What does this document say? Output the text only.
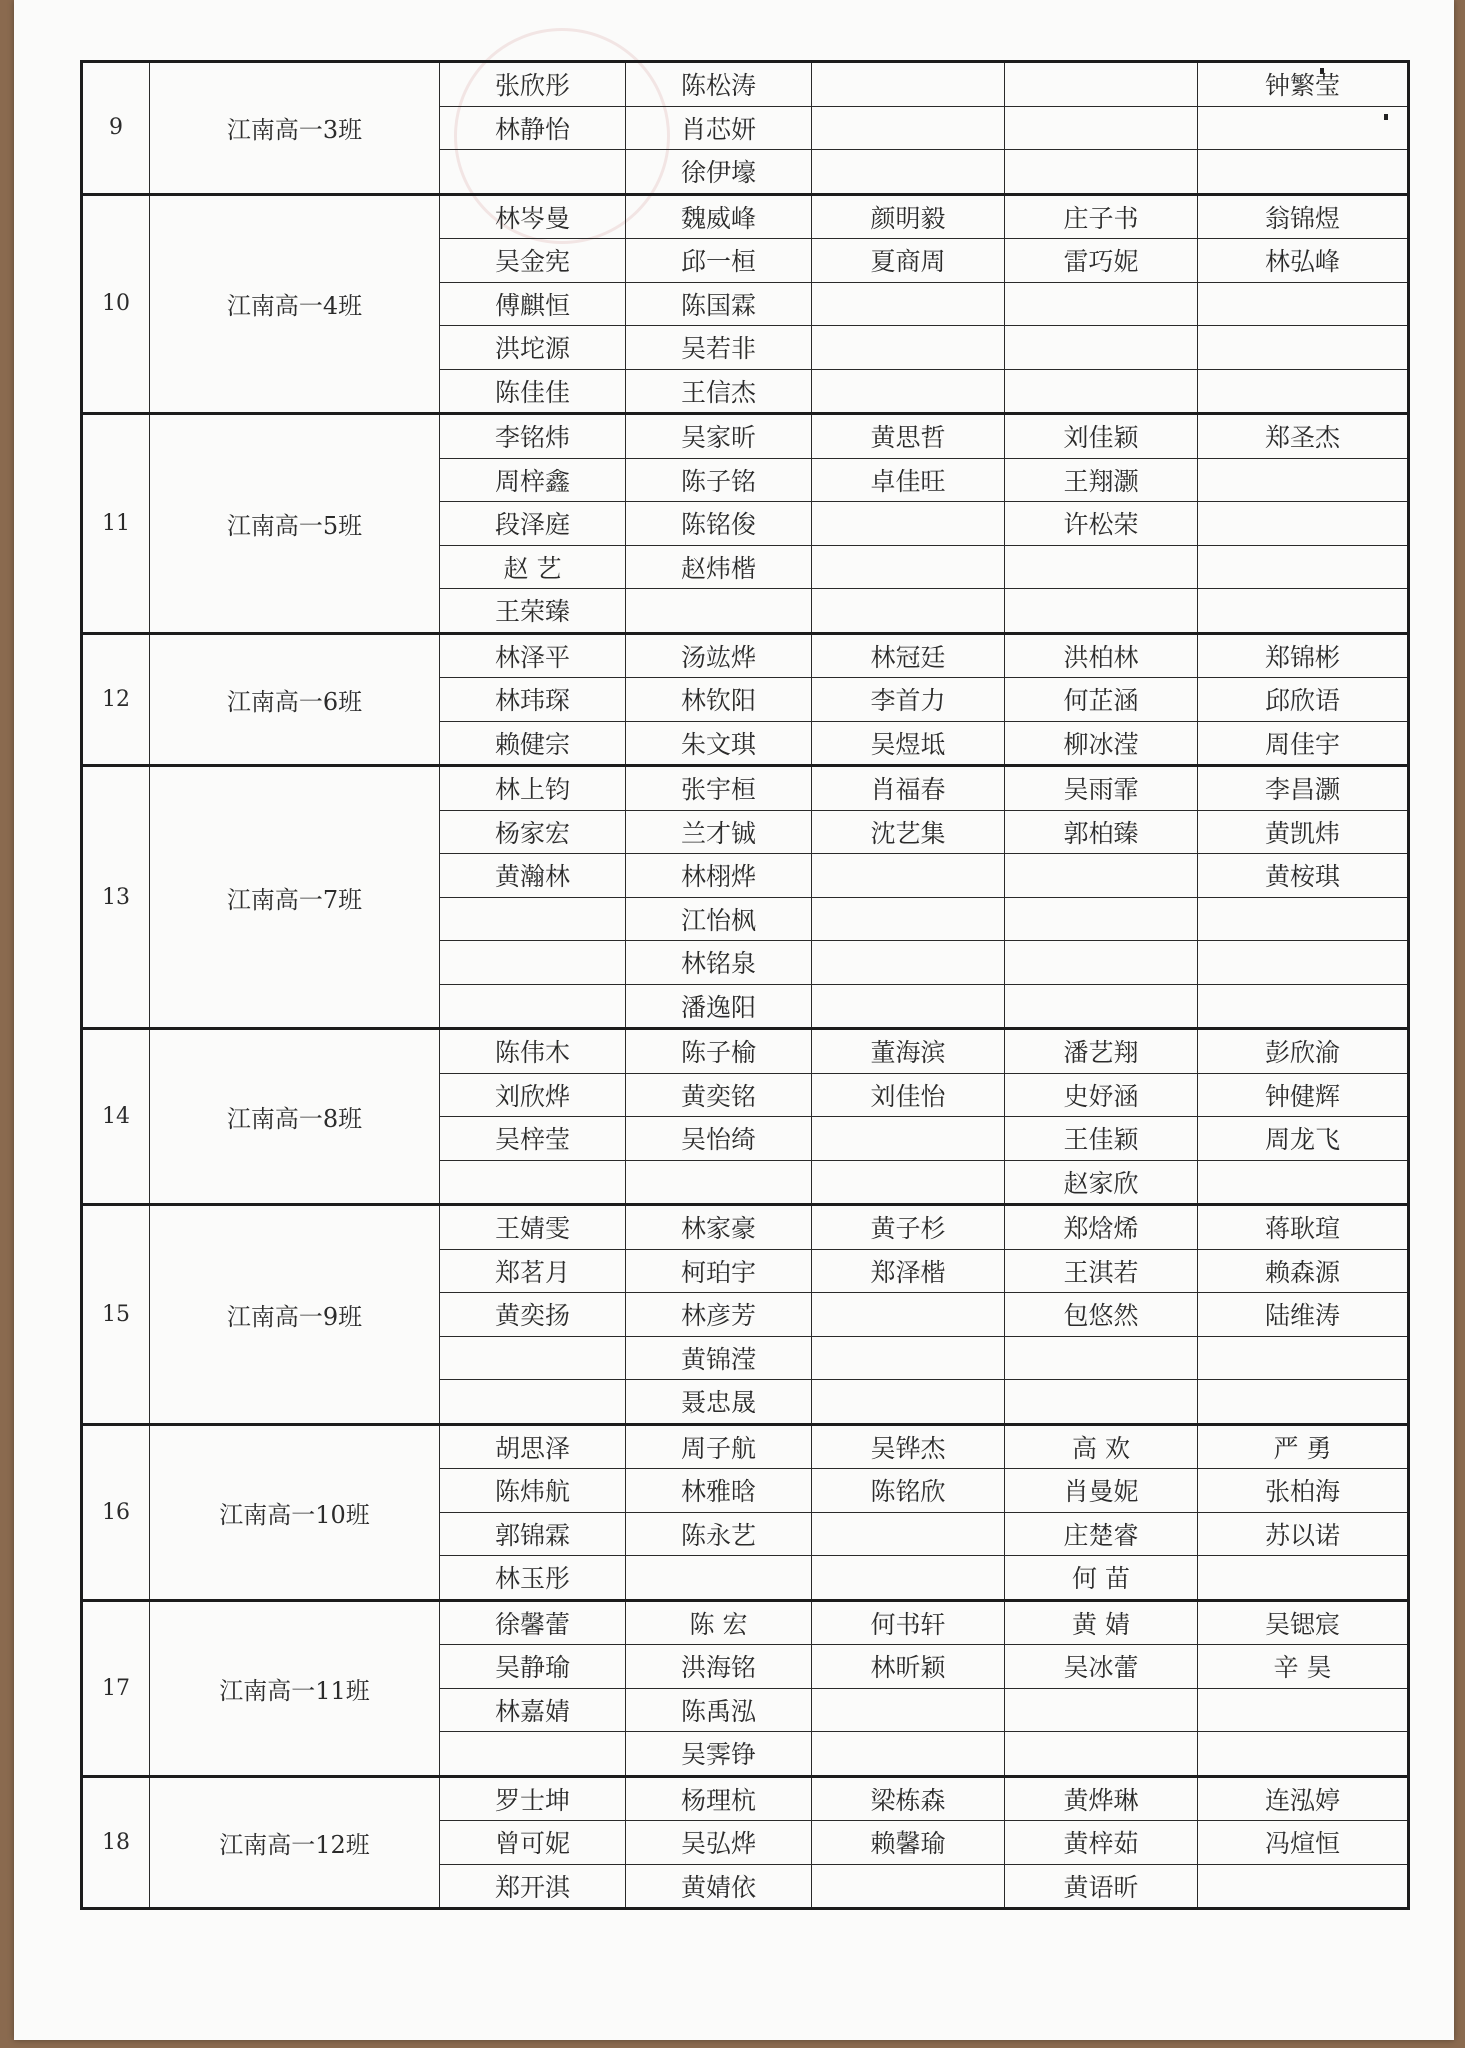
9	江南高一3班	张欣彤	陈松涛			钟繁莹
		林静怡	肖芯妍			
			徐伊壕			
10	江南高一4班	林岑曼	魏威峰	颜明毅	庄子书	翁锦煜
		吴金宪	邱一桓	夏商周	雷巧妮	林弘峰
		傅麒恒	陈国霖			
		洪坨源	吴若非			
		陈佳佳	王信杰			
11	江南高一5班	李铭炜	吴家昕	黄思哲	刘佳颖	郑圣杰
		周梓鑫	陈子铭	卓佳旺	王翔灏	
		段泽庭	陈铭俊		许松荣	
		赵 艺	赵炜楷			
		王荣臻				
12	江南高一6班	林泽平	汤竑烨	林冠廷	洪柏林	郑锦彬
		林玮琛	林钦阳	李首力	何芷涵	邱欣语
		赖健宗	朱文琪	吴煜坻	柳冰滢	周佳宇
13	江南高一7班	林上钧	张宇桓	肖福春	吴雨霏	李昌灏
		杨家宏	兰才铖	沈艺集	郭柏臻	黄凯炜
		黄瀚林	林栩烨			黄桉琪
			江怡枫			
			林铭泉			
			潘逸阳			
14	江南高一8班	陈伟木	陈子榆	董海滨	潘艺翔	彭欣渝
		刘欣烨	黄奕铭	刘佳怡	史妤涵	钟健辉
		吴梓莹	吴怡绮		王佳颖	周龙飞
					赵家欣	
15	江南高一9班	王婧雯	林家豪	黄子杉	郑焓烯	蒋耿瑄
		郑茗月	柯珀宇	郑泽楷	王淇若	赖森源
		黄奕扬	林彦芳		包悠然	陆维涛
			黄锦滢			
			聂忠晟			
16	江南高一10班	胡思泽	周子航	吴铧杰	高 欢	严 勇
		陈炜航	林雅晗	陈铭欣	肖曼妮	张柏海
		郭锦霖	陈永艺		庄楚睿	苏以诺
		林玉彤			何 苗	
17	江南高一11班	徐馨蕾	陈 宏	何书轩	黄 婧	吴锶宸
		吴静瑜	洪海铭	林昕颖	吴冰蕾	辛 昊
		林嘉婧	陈禹泓			
			吴霁铮			
18	江南高一12班	罗士坤	杨理杭	梁栋森	黄烨琳	连泓婷
		曾可妮	吴弘烨	赖馨瑜	黄梓茹	冯煊恒
		郑开淇	黄婧依		黄语昕	
